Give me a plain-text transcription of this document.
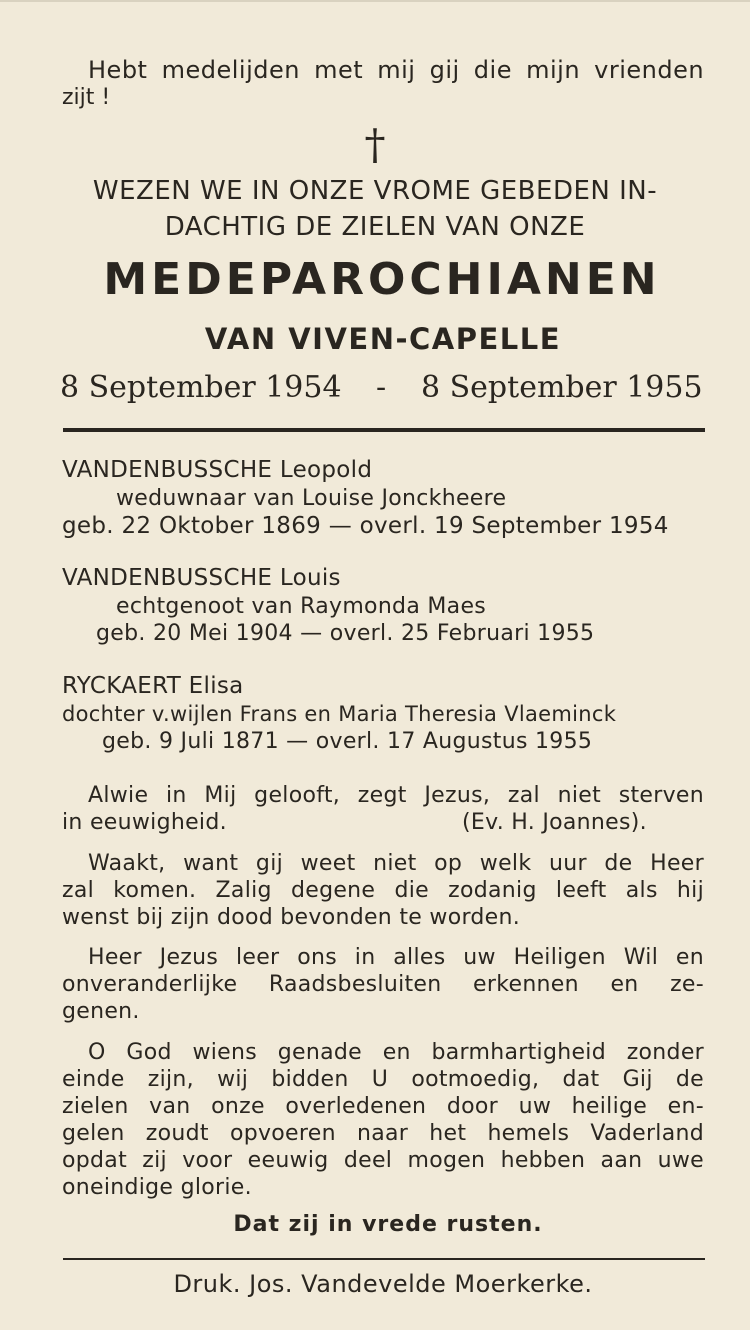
Hebt medelijden met mij gij die mijn vrienden

zijt !

†

WEZEN WE IN ONZE VROME GEBEDEN IN-

DACHTIG DE ZIELEN VAN ONZE

MEDEPAROCHIANEN
VAN VIVEN-CAPELLE
8 September 1954 - 8 September 1955
VANDENBUSSCHE Leopold
weduwnaar van Louise Jonckheere
geb. 22 Oktober 1869 — overl. 19 September 1954
VANDENBUSSCHE Louis
echtgenoot van Raymonda Maes
geb. 20 Mei 1904 — overl. 25 Februari 1955
RYCKAERT Elisa
dochter v.wijlen Frans en Maria Theresia Vlaeminck
geb. 9 Juli 1871 — overl. 17 Augustus 1955
Alwie in Mij gelooft, zegt Jezus, zal niet sterven
in eeuwigheid.	(Ev. H. Joannes).
Waakt, want gij weet niet op welk uur de Heer
zal komen. Zalig degene die zodanig leeft als hij
wenst bij zijn dood bevonden te worden.
Heer Jezus leer ons in alles uw Heiligen Wil en
onveranderlijke Raadsbesluiten erkennen en ze-
genen.
O God wiens genade en barmhartigheid zonder
einde zijn, wij bidden U ootmoedig, dat Gij de
zielen van onze overledenen door uw heilige en-
gelen zoudt opvoeren naar het hemels Vaderland
opdat zij voor eeuwig deel mogen hebben aan uwe
oneindige glorie.
Dat zij in vrede rusten.
Druk. Jos. Vandevelde Moerkerke.
